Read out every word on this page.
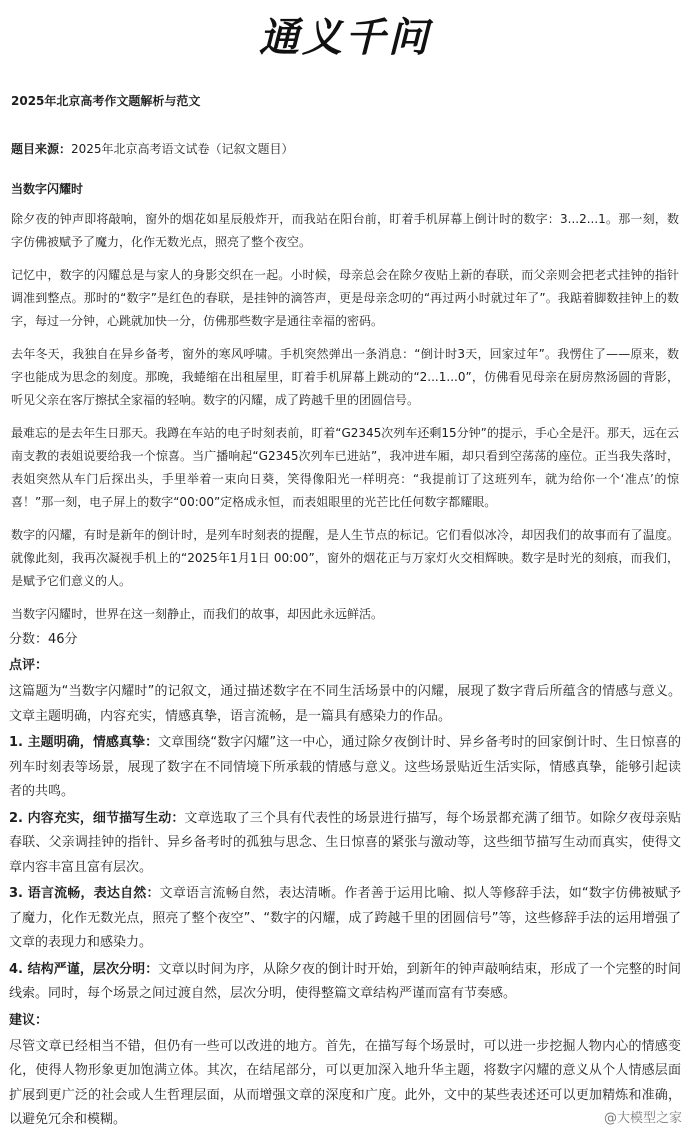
通义千问
2025年北京高考作文题解析与范文
题目来源：2025年北京高考语文试卷（记叙文题目）
当数字闪耀时
除夕夜的钟声即将敲响，窗外的烟花如星辰般炸开，而我站在阳台前，盯着手机屏幕上倒计时的数字：3...2...1。那一刻，数字仿佛被赋予了魔力，化作无数光点，照亮了整个夜空。
记忆中，数字的闪耀总是与家人的身影交织在一起。小时候，母亲总会在除夕夜贴上新的春联，而父亲则会把老式挂钟的指针调准到整点。那时的“数字”是红色的春联，是挂钟的滴答声，更是母亲念叨的“再过两小时就过年了”。我踮着脚数挂钟上的数字，每过一分钟，心跳就加快一分，仿佛那些数字是通往幸福的密码。
去年冬天，我独自在异乡备考，窗外的寒风呼啸。手机突然弹出一条消息：“倒计时3天，回家过年”。我愣住了——原来，数字也能成为思念的刻度。那晚，我蜷缩在出租屋里，盯着手机屏幕上跳动的“2...1...0”，仿佛看见母亲在厨房熬汤圆的背影，听见父亲在客厅擦拭全家福的轻响。数字的闪耀，成了跨越千里的团圆信号。
最难忘的是去年生日那天。我蹲在车站的电子时刻表前，盯着“G2345次列车还剩15分钟”的提示，手心全是汗。那天，远在云南支教的表姐说要给我一个惊喜。当广播响起“G2345次列车已进站”，我冲进车厢，却只看到空荡荡的座位。正当我失落时，表姐突然从车门后探出头，手里举着一束向日葵，笑得像阳光一样明亮：“我提前订了这班列车，就为给你一个‘准点’的惊喜！”那一刻，电子屏上的数字“00:00”定格成永恒，而表姐眼里的光芒比任何数字都耀眼。
数字的闪耀，有时是新年的倒计时，是列车时刻表的提醒，是人生节点的标记。它们看似冰冷，却因我们的故事而有了温度。就像此刻，我再次凝视手机上的“2025年1月1日 00:00”，窗外的烟花正与万家灯火交相辉映。数字是时光的刻痕，而我们，是赋予它们意义的人。
当数字闪耀时，世界在这一刻静止，而我们的故事，却因此永远鲜活。
分数：46分
点评：
这篇题为“当数字闪耀时”的记叙文，通过描述数字在不同生活场景中的闪耀，展现了数字背后所蕴含的情感与意义。文章主题明确，内容充实，情感真挚，语言流畅，是一篇具有感染力的作品。
1. 主题明确，情感真挚：文章围绕“数字闪耀”这一中心，通过除夕夜倒计时、异乡备考时的回家倒计时、生日惊喜的列车时刻表等场景，展现了数字在不同情境下所承载的情感与意义。这些场景贴近生活实际，情感真挚，能够引起读者的共鸣。
2. 内容充实，细节描写生动：文章选取了三个具有代表性的场景进行描写，每个场景都充满了细节。如除夕夜母亲贴春联、父亲调挂钟的指针、异乡备考时的孤独与思念、生日惊喜的紧张与激动等，这些细节描写生动而真实，使得文章内容丰富且富有层次。
3. 语言流畅，表达自然：文章语言流畅自然，表达清晰。作者善于运用比喻、拟人等修辞手法，如“数字仿佛被赋予了魔力，化作无数光点，照亮了整个夜空”、“数字的闪耀，成了跨越千里的团圆信号”等，这些修辞手法的运用增强了文章的表现力和感染力。
4. 结构严谨，层次分明：文章以时间为序，从除夕夜的倒计时开始，到新年的钟声敲响结束，形成了一个完整的时间线索。同时，每个场景之间过渡自然，层次分明，使得整篇文章结构严谨而富有节奏感。
建议：
尽管文章已经相当不错，但仍有一些可以改进的地方。首先，在描写每个场景时，可以进一步挖掘人物内心的情感变化，使得人物形象更加饱满立体。其次，在结尾部分，可以更加深入地升华主题，将数字闪耀的意义从个人情感层面扩展到更广泛的社会或人生哲理层面，从而增强文章的深度和广度。此外，文中的某些表述还可以更加精炼和准确，以避免冗余和模糊。	@大模型之家
